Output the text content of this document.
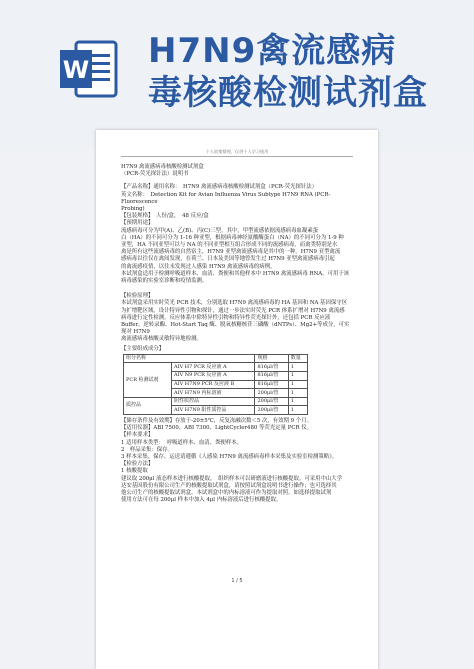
W H7N9禽流感病
毒核酸检测试剂盒
个人收集整理，仅供个人学习使用

H7N9 禽流感病毒核酸检测试剂盒

（PCR-荧光探针法）说明书

【产品名称】通用名称：　H7N9 禽流感病毒核酸检测试剂盒（PCR-荧光探针法）

英文名称：　Detection Kit for Avian Influenza Virus Subtype H7N9 RNA (PCR-Fluorescence

Probing)

【包装规格】　人份/盒，　48 反应/盒

【预期用途】

流感病毒可分为甲(A)、乙(B)、丙(C)三型，其中，甲型流感依据流感病毒血凝素蛋

白（HA）的不同可分为 1-16 种亚型，根据病毒神经氨酸酶蛋白（NA）的不同可分为 1-9 种

亚型，HA 不同亚型可以与 NA 的不同亚型相互组合形成不同的流感病毒，而禽类特别是水

禽是所有这些流感病毒的自然宿主，H7N9 亚型禽流感病毒是其中的一种。H7N9 亚型禽流

感病毒以往仅在禽间发现，在荷兰、日本及美国等地曾发生过 H7N9 亚型禽流感病毒引起

的禽流感疫情，以往未发现过人感染 H7N9 禽流感病毒的病例。

本试剂盒适用于检测呼吸道样本、血清、粪便和其他样本中 H7N9 禽流感病毒 RNA。可用于该

病毒感染的实验室诊断和疫情监测。

【检验原理】

本试剂盒采用实时荧光 PCR 技术，分别选取 H7N9 禽流感病毒的 HA 基因和 NA 基因保守区

为扩增靶区域，设计特异性引物和探针，通过一步法实时荧光 PCR 体系扩增对 H7N9 禽流感

病毒进行定性检测。反应体系中除特异性引物和特异性荧光探针外，还包括 PCR 反应液

Buffer、逆转录酶、Hot-Start Taq 酶、脱氧核糖核苷三磷酸（dNTPs）、Mg2+等成分，可实现对 H7N9

禽流感病毒核酸灵敏特异地检测。

【主要组成成分】

组分名称		规格	数量
PCR 检测试剂	AIV H7 PCR 反应液 A	816μl/管	1
	AIV N9 PCR 反应液 A	816μl/管	1
	AIV H7N9 PCR 反应液 B	816μl/管	1
	AIV H7N9 内标溶液	200μl/管	1
质控品	阴性质控品	200μl/管	1
	AIV H7N9 阳性质控品	200μl/管	1

【储存条件及有效期】存放于-20±5℃，反复冻融次数＜5 次，有效期 9 个月。

【适用仪器】ABI 7500、ABI 7300、LightCycler480 等荧光定量 PCR 仪。

【样本要求】

1 适用样本类型：　呼吸道样本、血清、粪便样本。

2　样品采集：保存。

3 样本采集、保存、运送请遵循《人感染 H7N9 禽流感病毒样本采集及实验室检测策略》。

【检验方法】

1 核酸提取

建议取 200μl 液态样本进行核酸提取。　组织样本可以研磨液进行核酸提取。可采用中山大学

达安基因股份有限公司生产的核酸提取试剂盒，请按照试剂盒说明书进行操作；也可选择其

他公司生产的核酸提取试剂盒。本试剂盒中的内标溶液可作为提取对照。如选择提取试剂

使用方法可在每 200μl 样本中加入 4μl 内标溶液后进行核酸提取。

1 / 5
